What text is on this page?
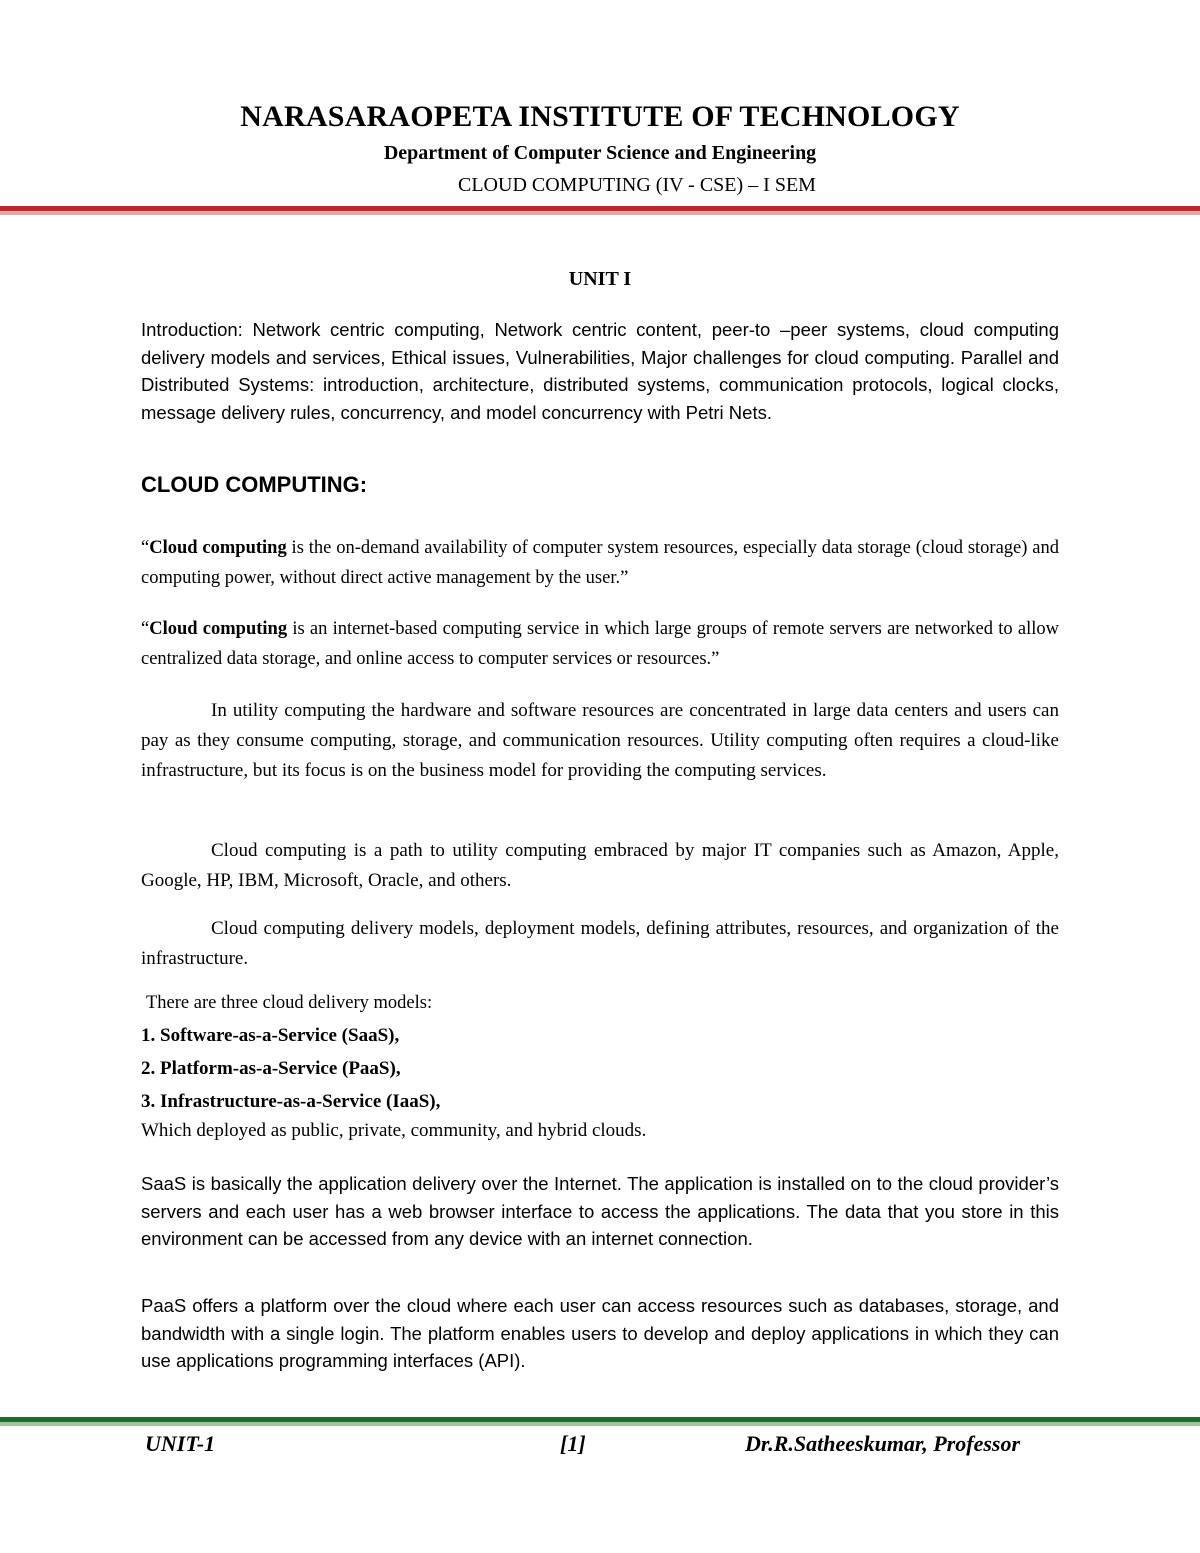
NARASARAOPETA INSTITUTE OF TECHNOLOGY
Department of Computer Science and Engineering
CLOUD COMPUTING (IV - CSE) – I SEM
UNIT I
Introduction: Network centric computing, Network centric content, peer-to –peer systems, cloud computing delivery models and services, Ethical issues, Vulnerabilities, Major challenges for cloud computing. Parallel and Distributed Systems: introduction, architecture, distributed systems, communication protocols, logical clocks, message delivery rules, concurrency, and model concurrency with Petri Nets.
CLOUD COMPUTING:
“Cloud computing is the on-demand availability of computer system resources, especially data storage (cloud storage) and computing power, without direct active management by the user.”
“Cloud computing is an internet-based computing service in which large groups of remote servers are networked to allow centralized data storage, and online access to computer services or resources.”
In utility computing the hardware and software resources are concentrated in large data centers and users can pay as they consume computing, storage, and communication resources. Utility computing often requires a cloud-like infrastructure, but its focus is on the business model for providing the computing services.
Cloud computing is a path to utility computing embraced by major IT companies such as Amazon, Apple, Google, HP, IBM, Microsoft, Oracle, and others.
Cloud computing delivery models, deployment models, defining attributes, resources, and organization of the infrastructure.
There are three cloud delivery models:
1. Software-as-a-Service (SaaS),
2. Platform-as-a-Service (PaaS),
3. Infrastructure-as-a-Service (IaaS),
Which deployed as public, private, community, and hybrid clouds.
SaaS is basically the application delivery over the Internet. The application is installed on to the cloud provider’s servers and each user has a web browser interface to access the applications. The data that you store in this environment can be accessed from any device with an internet connection.
PaaS offers a platform over the cloud where each user can access resources such as databases, storage, and bandwidth with a single login. The platform enables users to develop and deploy applications in which they can use applications programming interfaces (API).
UNIT-1	[1]	Dr.R.Satheeskumar, Professor
